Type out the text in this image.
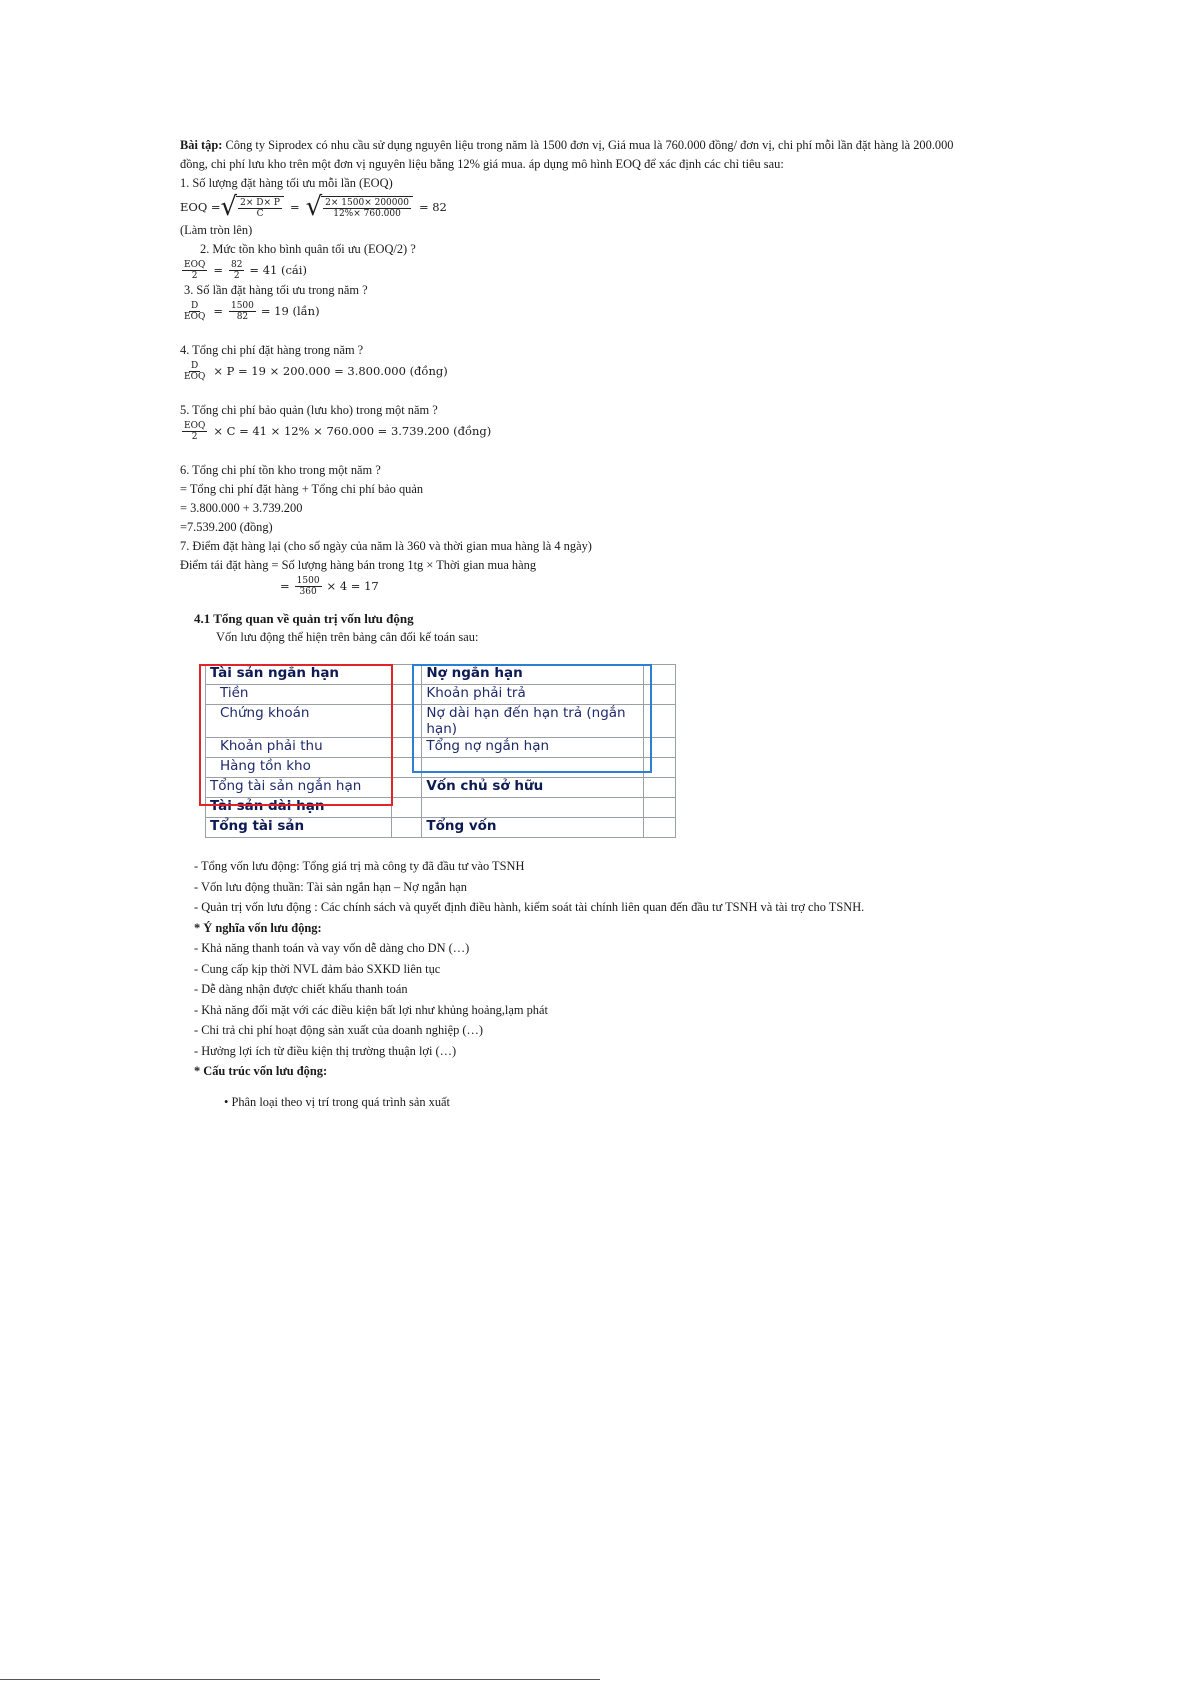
Bài tập: Công ty Siprodex có nhu cầu sử dụng nguyên liệu trong năm là 1500 đơn vị, Giá mua là 760.000 đồng/ đơn vị, chi phí mỗi lần đặt hàng là 200.000
đồng, chi phí lưu kho trên một đơn vị nguyên liệu bằng 12% giá mua. áp dụng mô hình EOQ để xác định các chỉ tiêu sau:
1. Số lượng đặt hàng tối ưu mỗi lần (EOQ)
EOQ = √ $\frac{2\times D\times P}{C}$ = √ $\frac{2\times 1500\times 200000}{12\%\times 760.000} = 82$
(Làm tròn lên)
2. Mức tồn kho bình quân tối ưu (EOQ/2) ?
$\frac{\text{EOQ}}{2} = \frac{82}{2} = 41$ (cái)
3. Số lần đặt hàng tối ưu trong năm ?
$\frac{D}{\text{EOQ}} = \frac{1500}{82} = 19$ (lần)
4. Tổng chi phí đặt hàng trong năm ?
$\frac{D}{\text{EOQ}} \times P = 19 \times 200.000 = 3.800.000$ (đồng)
5. Tổng chi phí bảo quản (lưu kho) trong một năm ?
$\frac{\text{EOQ}}{2} \times C = 41 \times 12\% \times 760.000 = 3.739.200$ (đồng)
6. Tổng chi phí tồn kho trong một năm ?
= Tổng chi phí đặt hàng + Tổng chi phí bảo quản
= 3.800.000 + 3.739.200
=7.539.200 (đồng)
7. Điểm đặt hàng lại (cho số ngày của năm là 360 và thời gian mua hàng là 4 ngày)
Điểm tái đặt hàng = Số lượng hàng bán trong 1tg × Thời gian mua hàng
= $\frac{1500}{360} \times 4 = 17$
4.1 Tổng quan về quản trị vốn lưu động
Vốn lưu động thể hiện trên bảng cân đối kế toán sau:
Tài sản ngắn hạn		Nợ ngắn hạn	
Tiền		Khoản phải trả	
Chứng khoán		Nợ dài hạn đến hạn trả (ngắn hạn)	
Khoản phải thu		Tổng nợ ngắn hạn	
Hàng tồn kho			
Tổng tài sản ngắn hạn		Vốn chủ sở hữu	
Tài sản dài hạn			
Tổng tài sản		Tổng vốn	
- Tổng vốn lưu động: Tổng giá trị mà công ty đã đầu tư vào TSNH
- Vốn lưu động thuần: Tài sản ngắn hạn – Nợ ngắn hạn
- Quản trị vốn lưu động : Các chính sách và quyết định điều hành, kiểm soát tài chính liên quan đến đầu tư TSNH và tài trợ cho TSNH.
* Ý nghĩa vốn lưu động:
- Khả năng thanh toán và vay vốn dễ dàng cho DN (…)
- Cung cấp kịp thời NVL đảm bảo SXKD liên tục
- Dễ dàng nhận được chiết khấu thanh toán
- Khả năng đối mặt với các điều kiện bất lợi như khủng hoảng,lạm phát
- Chi trả chi phí hoạt động sản xuất của doanh nghiệp (…)
- Hưởng lợi ích từ điều kiện thị trường thuận lợi (…)
* Cấu trúc vốn lưu động:
• Phân loại theo vị trí trong quá trình sản xuất
